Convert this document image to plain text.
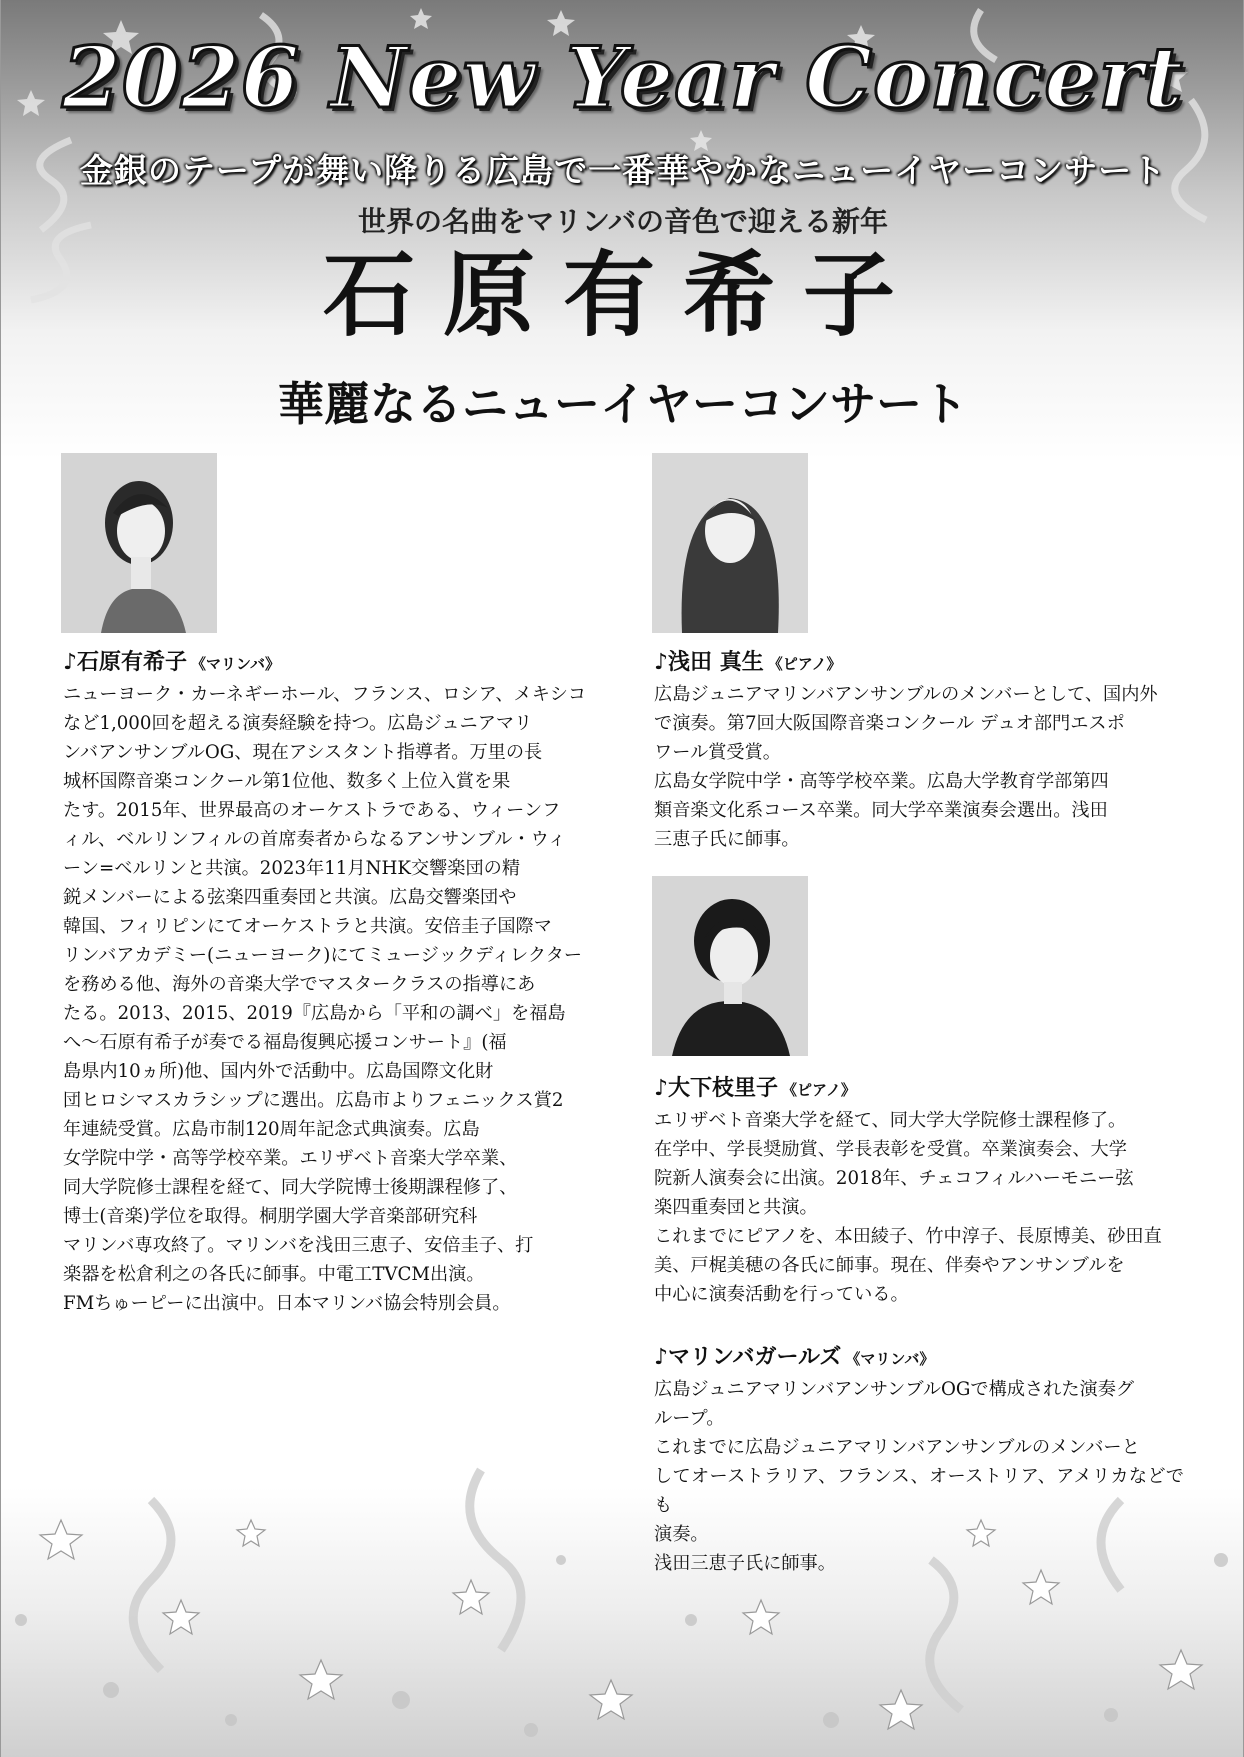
2026 New Year Concert
金銀のテープが舞い降りる広島で一番華やかなニューイヤーコンサート
世界の名曲をマリンバの音色で迎える新年
石原有希子
華麗なるニューイヤーコンサート
♪石原有希子 《マリンバ》
ニューヨーク・カーネギーホール、フランス、ロシア、メキシコ
など1,000回を超える演奏経験を持つ。広島ジュニアマリ
ンバアンサンブルOG、現在アシスタント指導者。万里の長
城杯国際音楽コンクール第1位他、数多く上位入賞を果
たす。2015年、世界最高のオーケストラである、ウィーンフ
ィル、ベルリンフィルの首席奏者からなるアンサンブル・ウィ
ーン=ベルリンと共演。2023年11月NHK交響楽団の精
鋭メンバーによる弦楽四重奏団と共演。広島交響楽団や
韓国、フィリピンにてオーケストラと共演。安倍圭子国際マ
リンバアカデミー(ニューヨーク)にてミュージックディレクター
を務める他、海外の音楽大学でマスタークラスの指導にあ
たる。2013、2015、2019『広島から「平和の調べ」を福島
へ〜石原有希子が奏でる福島復興応援コンサート』(福
島県内10ヵ所)他、国内外で活動中。広島国際文化財
団ヒロシマスカラシップに選出。広島市よりフェニックス賞2
年連続受賞。広島市制120周年記念式典演奏。広島
女学院中学・高等学校卒業。エリザベト音楽大学卒業、
同大学院修士課程を経て、同大学院博士後期課程修了、
博士(音楽)学位を取得。桐朋学園大学音楽部研究科
マリンバ専攻終了。マリンバを浅田三恵子、安倍圭子、打
楽器を松倉利之の各氏に師事。中電工TVCM出演。
FMちゅーピーに出演中。日本マリンバ協会特別会員。
♪浅田 真生 《ピアノ》
広島ジュニアマリンバアンサンブルのメンバーとして、国内外
で演奏。第7回大阪国際音楽コンクール デュオ部門エスポ
ワール賞受賞。
広島女学院中学・高等学校卒業。広島大学教育学部第四
類音楽文化系コース卒業。同大学卒業演奏会選出。浅田
三恵子氏に師事。
♪大下枝里子 《ピアノ》
エリザベト音楽大学を経て、同大学大学院修士課程修了。
在学中、学長奨励賞、学長表彰を受賞。卒業演奏会、大学
院新人演奏会に出演。2018年、チェコフィルハーモニー弦
楽四重奏団と共演。
これまでにピアノを、本田綾子、竹中淳子、長原博美、砂田直
美、戸梶美穂の各氏に師事。現在、伴奏やアンサンブルを
中心に演奏活動を行っている。
♪マリンバガールズ 《マリンバ》
広島ジュニアマリンバアンサンブルOGで構成された演奏グ
ループ。
これまでに広島ジュニアマリンバアンサンブルのメンバーと
してオーストラリア、フランス、オーストリア、アメリカなどでも
演奏。
浅田三恵子氏に師事。
